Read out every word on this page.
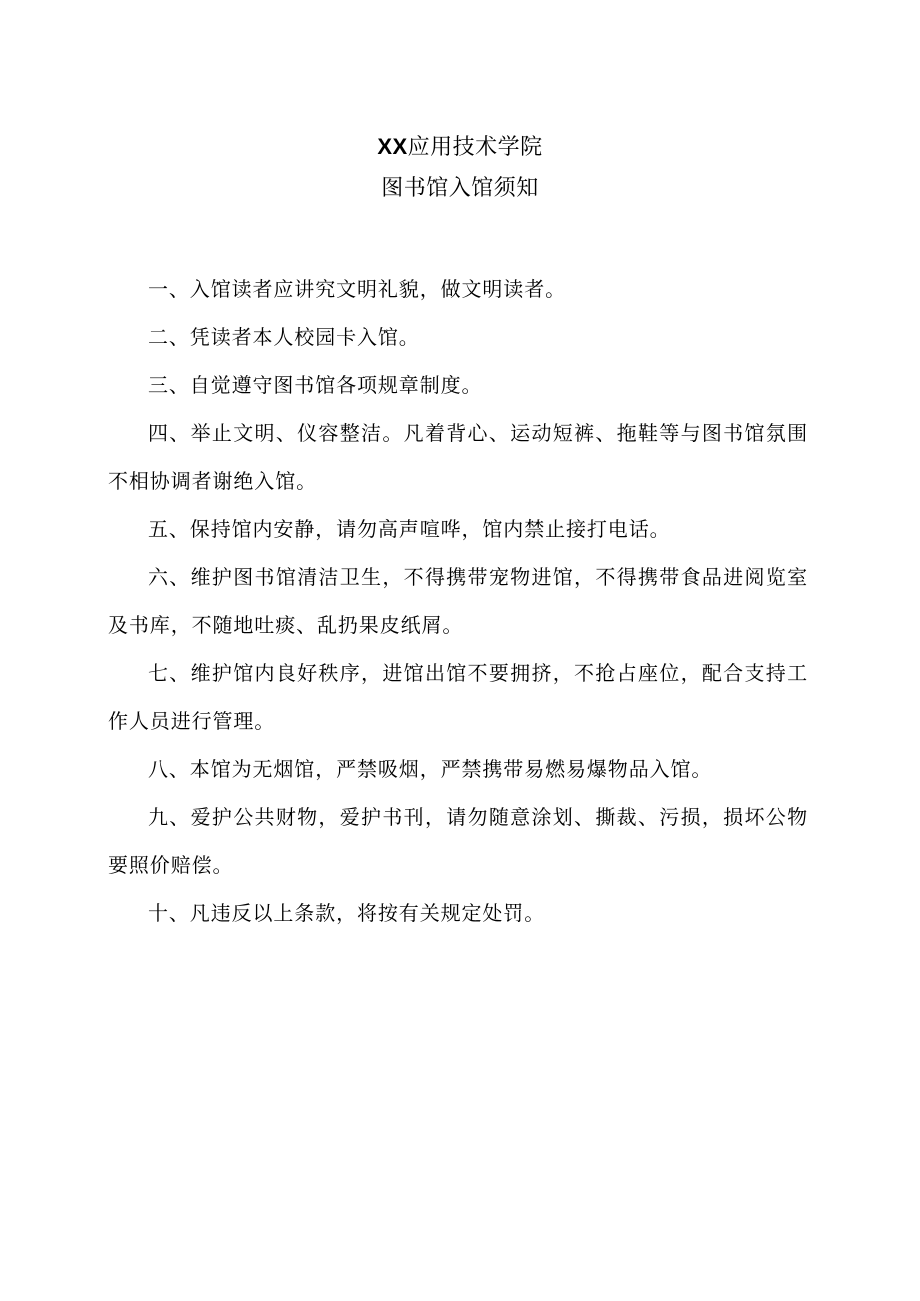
XX应用技术学院
图书馆入馆须知

一、入馆读者应讲究文明礼貌，做文明读者。

二、凭读者本人校园卡入馆。

三、自觉遵守图书馆各项规章制度。

四、举止文明、仪容整洁。凡着背心、运动短裤、拖鞋等与图书馆氛围不相协调者谢绝入馆。

五、保持馆内安静，请勿高声喧哗，馆内禁止接打电话。

六、维护图书馆清洁卫生，不得携带宠物进馆，不得携带食品进阅览室及书库，不随地吐痰、乱扔果皮纸屑。

七、维护馆内良好秩序，进馆出馆不要拥挤，不抢占座位，配合支持工作人员进行管理。

八、本馆为无烟馆，严禁吸烟，严禁携带易燃易爆物品入馆。

九、爱护公共财物，爱护书刊，请勿随意涂划、撕裁、污损，损坏公物要照价赔偿。

十、凡违反以上条款，将按有关规定处罚。
